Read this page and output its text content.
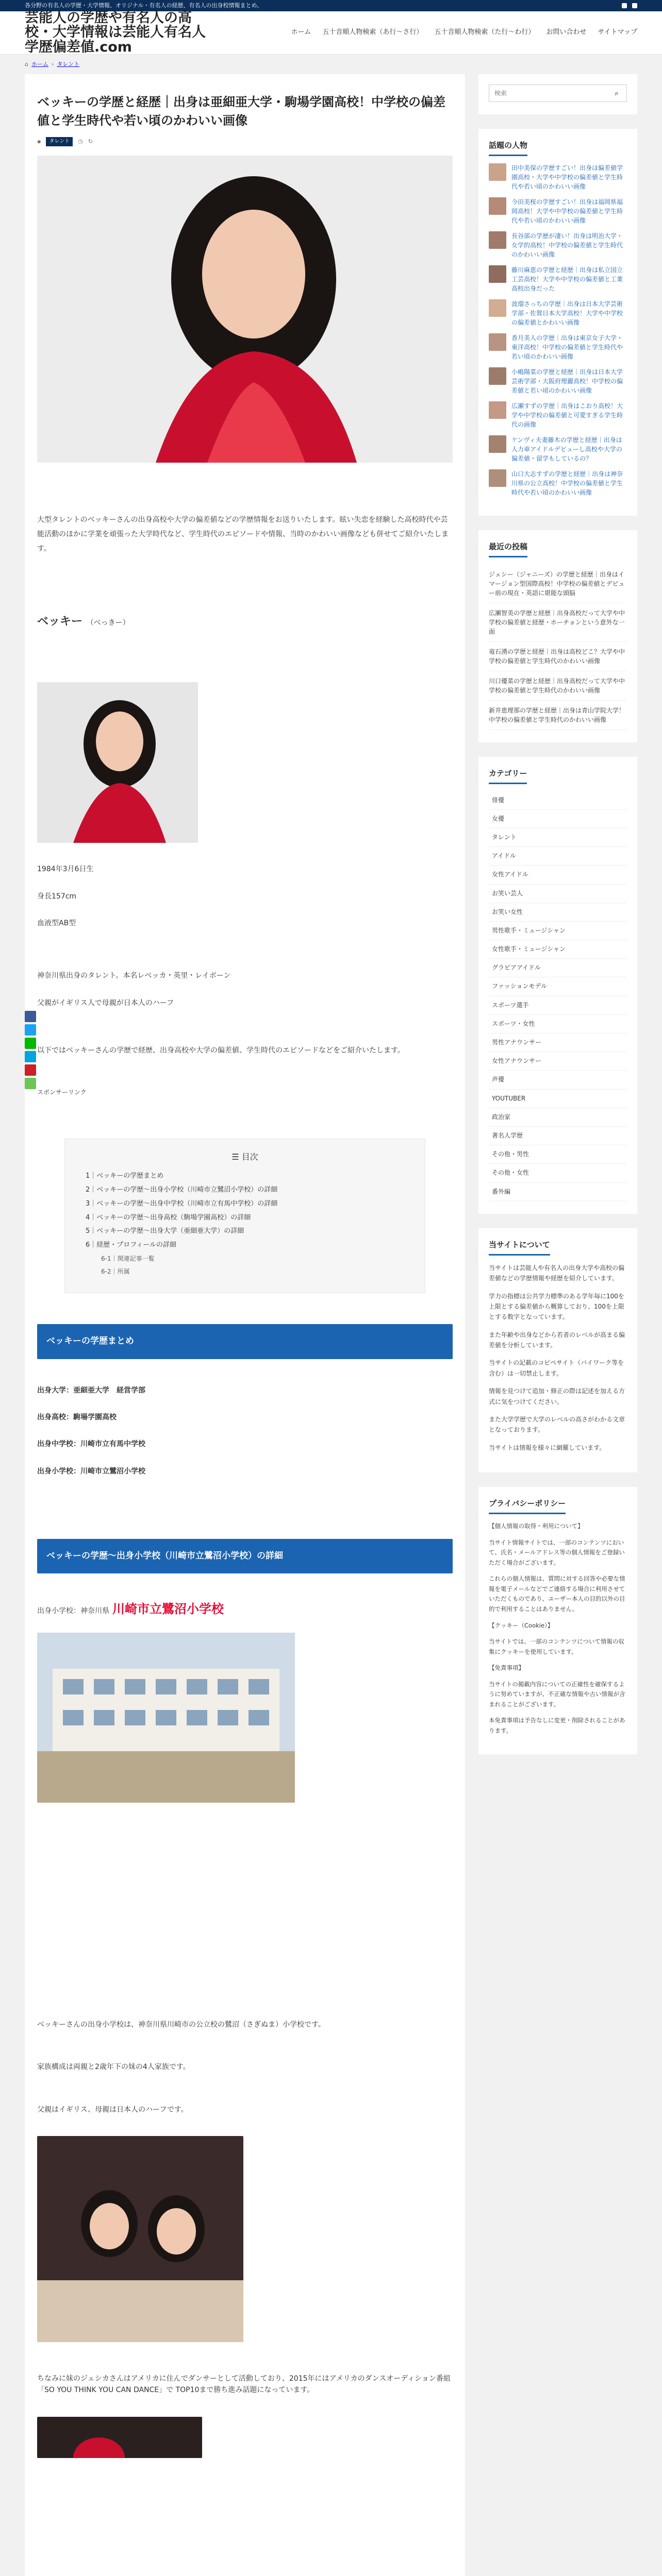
各分野の有名人の学歴・大学情報、オリジナル・有名人の経歴、有名人の出身校情報まとめ。
芸能人の学歴や有名人の高校・大学情報は芸能人有名人学歴偏差値.com
ホーム 五十音順人物検索（あ行〜さ行） 五十音順人物検索（た行〜わ行） お問い合わせ サイトマップ
⌂ ホーム › タレント
ベッキーの学歴と経歴｜出身は亜細亜大学・駒場学園高校！中学校の偏差値と学生時代や若い頃のかわいい画像
▪	タレント	◷ ↻

大型タレントのベッキーさんの出身高校や大学の偏差値などの学歴情報をお送りいたします。眩い失恋を経験した高校時代や芸能活動のほかに学業を頑張った大学時代など、学生時代のエピソードや情報、当時のかわいい画像なども併せてご紹介いたします。

ベッキー （べっきー）

1984年3月6日生

身長157cm

血液型AB型

神奈川県出身のタレント。本名レベッカ・英里・レイボーン

父親がイギリス人で母親が日本人のハーフ

以下ではベッキーさんの学歴で経歴、出身高校や大学の偏差値、学生時代のエピソードなどをご紹介いたします。

スポンサーリンク

☰ 目次
1｜ベッキーの学歴まとめ
2｜ベッキーの学歴〜出身小学校（川崎市立鷺沼小学校）の詳細
3｜ベッキーの学歴〜出身中学校（川崎市立有馬中学校）の詳細
4｜ベッキーの学歴〜出身高校（駒場学園高校）の詳細
5｜ベッキーの学歴〜出身大学（亜細亜大学）の詳細
6｜経歴・プロフィールの詳細
6-1｜関連記事一覧
6-2｜所属
ベッキーの学歴まとめ

出身大学：亜細亜大学　経営学部

出身高校：駒場学園高校

出身中学校：川崎市立有馬中学校

出身小学校：川崎市立鷺沼小学校

ベッキーの学歴〜出身小学校（川崎市立鷺沼小学校）の詳細
出身小学校：神奈川県 川崎市立鷺沼小学校

ベッキーさんの出身小学校は、神奈川県川崎市の公立校の鷺沼（さぎぬま）小学校です。

家族構成は両親と2歳年下の妹の4人家族です。

父親はイギリス、母親は日本人のハーフです。

ちなみに妹のジェシカさんはアメリカに住んでダンサーとして活動しており、2015年にはアメリカのダンスオーディション番組「SO YOU THINK YOU CAN DANCE」で TOP10まで勝ち進み話題になっています。

検索
⌕
話題の人物
田中美保の学歴すごい！出身は偏差値学園高校・大学や中学校の偏差値と学生時代や若い頃のかわいい画像
今田美桜の学歴すごい！出身は福岡県福岡高校！大学や中学校の偏差値と学生時代や若い頃のかわいい画像
長谷部の学歴が凄い！出身は明治大学・女学的高校！中学校の偏差値と学生時代のかわいい画像
藤川麻恵の学歴と経歴｜出身は私立国立工芸高校！大学や中学校の偏差値と工業高校出身だった
波瑠さっちの学歴｜出身は日本大学芸術学部・佐賀日本大学高校！大学や中学校の偏差値とかわいい画像
香月美人の学歴｜出身は東京女子大学・東洋高校！中学校の偏差値と学生時代や若い頃のかわいい画像
小嶋陽菜の学歴と経歴｜出身は日本大学芸術学部・大阪府理麗高校！中学校の偏差値と若い頃のかわいい画像
広瀬すずの学歴｜出身はこおり高校！大学や中学校の偏差値と可愛すぎる学生時代の画像
ケンヴィ夫妻藤木の学歴と経歴｜出身は人力車アイドルデビューし高校や大学の偏差値・留学もしているの？
山口大志すずの学歴と経歴｜出身は神奈川県の公立高校！中学校の偏差値と学生時代や若い頃のかわいい画像
最近の投稿
ジェシー（ジャニーズ）の学歴と経歴｜出身はイマージョン型国際高校！中学校の偏差値とデビュー前の現在・英語に堪能な頭脳
広瀬智美の学歴と経歴｜出身高校だって大学や中学校の偏差値と経歴・ホーチョンという意外な一面
竜石湧の学歴と経歴｜出身は高校どこ？大学や中学校の偏差値と学生時代のかわいい画像
川口優菜の学歴と経歴｜出身高校だって大学や中学校の偏差値と学生時代のかわいい画像
新井恵理那の学歴と経歴｜出身は青山学院大学！中学校の偏差値と学生時代のかわいい画像
カテゴリー
俳優
女優
タレント
アイドル
女性アイドル
お笑い芸人
お笑い女性
男性歌手・ミュージシャン
女性歌手・ミュージシャン
グラビアアイドル
ファッションモデル
スポーツ選手
スポーツ・女性
男性アナウンサー
女性アナウンサー
声優
YOUTUBER
政治家
著名人学歴
その他・男性
その他・女性
番外編
当サイトについて

当サイトは芸能人や有名人の出身大学や高校の偏差値などの学歴情報や経歴を紹介しています。

学力の指標は公共学力標準のある学年毎に100を上限とする偏差値から概算しており、100を上限とする数字となっています。

また年齢や出身などから若者のレベルが高まる偏差値を分析しています。

当サイトの記載のコピペサイト（バイワーク等を含む）は一切禁止します。

情報を見つけて追加・修正の際は記述を加える方式に気をつけてください。

また大学学歴で大学のレベルの高さがわかる文章となっております。

当サイトは情報を様々に網羅しています。

プライバシーポリシー

【個人情報の取得・利用について】

当サイト情報サイトでは、一部のコンテンツにおいて、氏名・メールアドレス等の個人情報をご登録いただく場合がございます。

これらの個人情報は、質問に対する回答や必要な情報を電子メールなどでご連絡する場合に利用させていただくものであり、ユーザー本人の目的以外の目的で利用することはありません。

【クッキー（Cookie）】

当サイトでは、一部のコンテンツについて情報の収集にクッキーを使用しています。

【免責事項】

当サイトの掲載内容についての正確性を確保するように努めていますが、不正確な情報や古い情報が含まれることがございます。

本免責事項は予告なしに変更・削除されることがあります。
